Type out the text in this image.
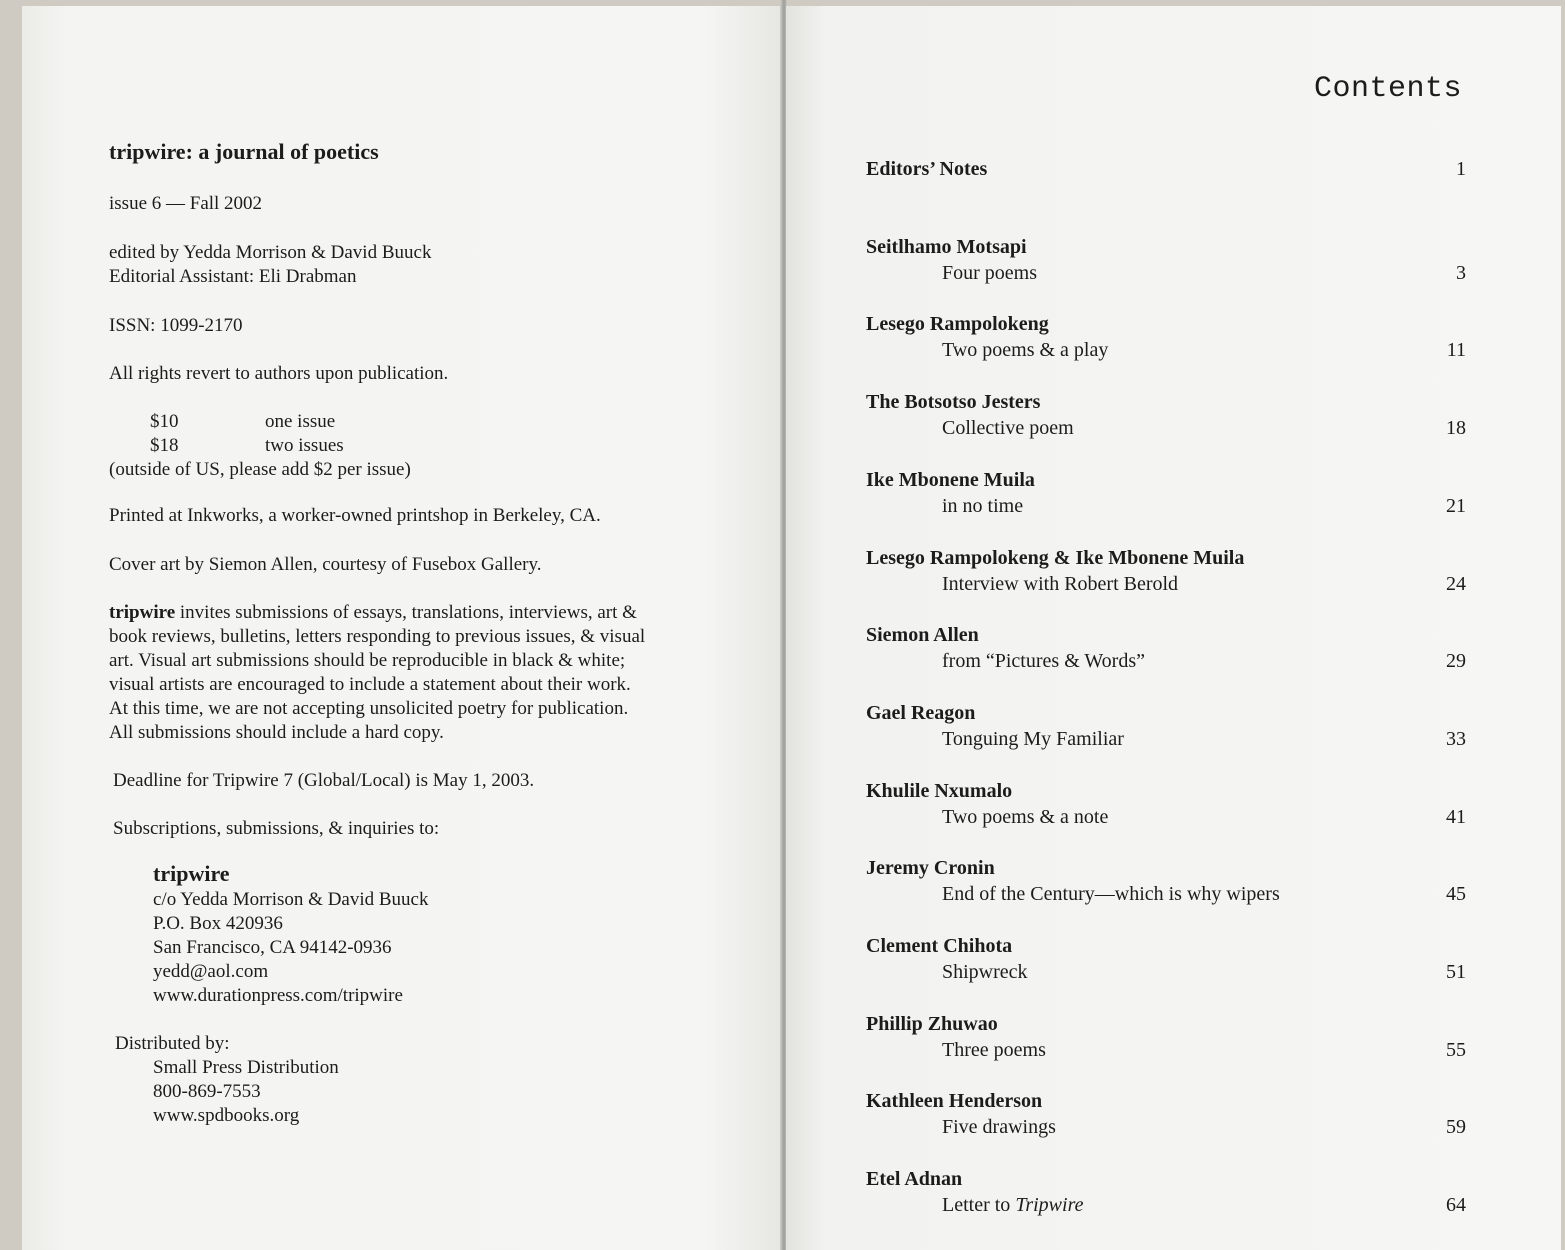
tripwire: a journal of poetics
issue 6 — Fall 2002
edited by Yedda Morrison & David Buuck
Editorial Assistant: Eli Drabman
ISSN: 1099-2170
All rights revert to authors upon publication.
$10	one issue
$18	two issues
(outside of US, please add $2 per issue)
Printed at Inkworks, a worker-owned printshop in Berkeley, CA.
Cover art by Siemon Allen, courtesy of Fusebox Gallery.
tripwire invites submissions of essays, translations, interviews, art &
book reviews, bulletins, letters responding to previous issues, & visual
art. Visual art submissions should be reproducible in black & white;
visual artists are encouraged to include a statement about their work.
At this time, we are not accepting unsolicited poetry for publication.
All submissions should include a hard copy.
Deadline for Tripwire 7 (Global/Local) is May 1, 2003.
Subscriptions, submissions, & inquiries to:
tripwire
c/o Yedda Morrison & David Buuck
P.O. Box 420936
San Francisco, CA 94142-0936
yedd@aol.com
www.durationpress.com/tripwire
Distributed by:
Small Press Distribution
800-869-7553
www.spdbooks.org
Contents
Editors’ Notes	1
Seitlhamo Motsapi
Four poems	3
Lesego Rampolokeng
Two poems & a play	11
The Botsotso Jesters
Collective poem	18
Ike Mbonene Muila
in no time	21
Lesego Rampolokeng & Ike Mbonene Muila
Interview with Robert Berold	24
Siemon Allen
from “Pictures & Words”	29
Gael Reagon
Tonguing My Familiar	33
Khulile Nxumalo
Two poems & a note	41
Jeremy Cronin
End of the Century—which is why wipers	45
Clement Chihota
Shipwreck	51
Phillip Zhuwao
Three poems	55
Kathleen Henderson
Five drawings	59
Etel Adnan
Letter to Tripwire	64
